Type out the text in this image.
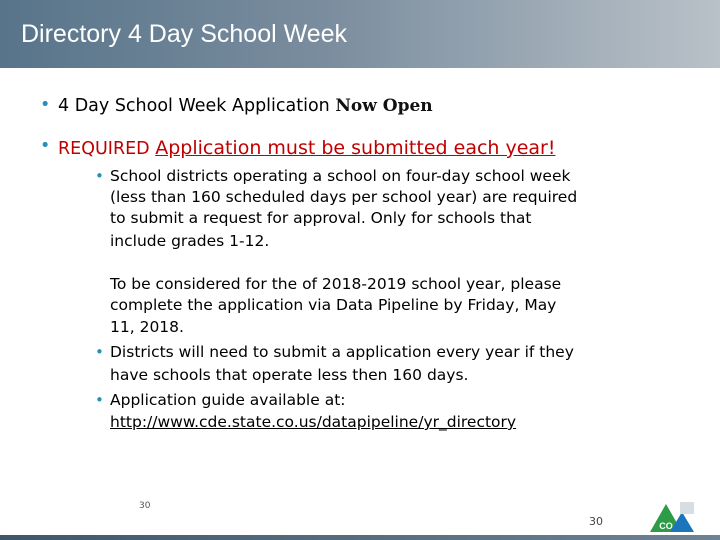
Directory 4 Day School Week
• 4 Day School Week Application Now Open
• REQUIRED Application must be submitted each year!
• School districts operating a school on four-day school week
(less than 160 scheduled days per school year) are required
to submit a request for approval. Only for schools that
include grades 1-12.
To be considered for the of 2018-2019 school year, please
complete the application via Data Pipeline by Friday, May
11, 2018.
• Districts will need to submit a application every year if they
have schools that operate less then 160 days.
• Application guide available at:
http://www.cde.state.co.us/datapipeline/yr_directory
30
30	CO
